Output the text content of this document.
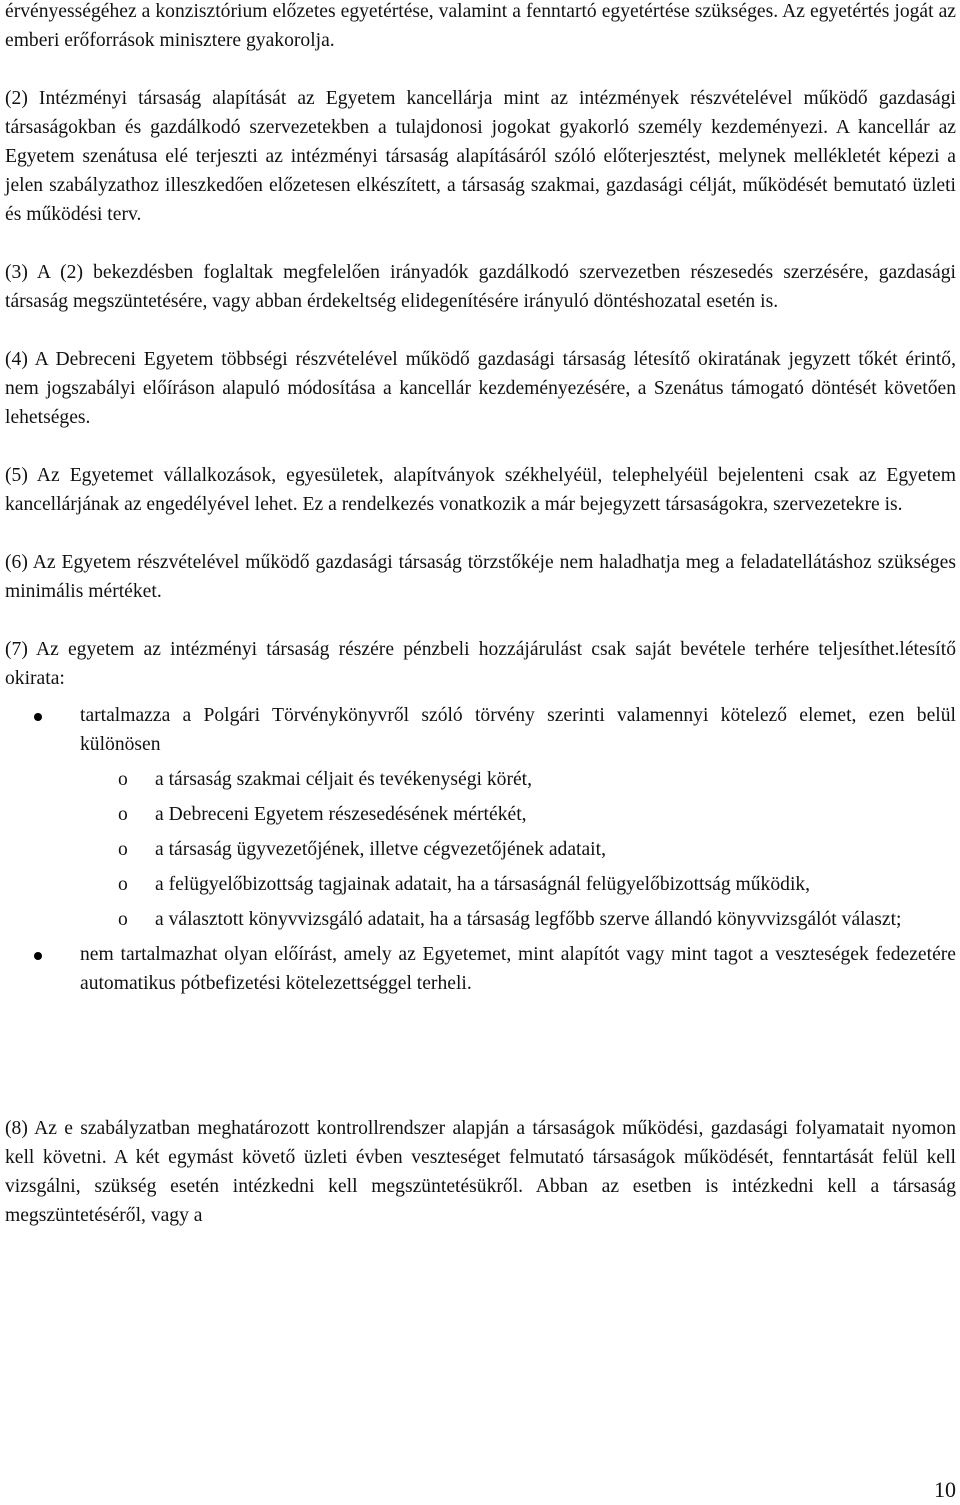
érvényességéhez a konzisztórium előzetes egyetértése, valamint a fenntartó egyetértése szükséges. Az egyetértés jogát az emberi erőforrások minisztere gyakorolja.

(2) Intézményi társaság alapítását az Egyetem kancellárja mint az intézmények részvételével működő gazdasági társaságokban és gazdálkodó szervezetekben a tulajdonosi jogokat gyakorló személy kezdeményezi. A kancellár az Egyetem szenátusa elé terjeszti az intézményi társaság alapításáról szóló előterjesztést, melynek mellékletét képezi a jelen szabályzathoz illeszkedően előzetesen elkészített, a társaság szakmai, gazdasági célját, működését bemutató üzleti és működési terv.

(3) A (2) bekezdésben foglaltak megfelelően irányadók gazdálkodó szervezetben részesedés szerzésére, gazdasági társaság megszüntetésére, vagy abban érdekeltség elidegenítésére irányuló döntéshozatal esetén is.

(4) A Debreceni Egyetem többségi részvételével működő gazdasági társaság létesítő okiratának jegyzett tőkét érintő, nem jogszabályi előíráson alapuló módosítása a kancellár kezdeményezésére, a Szenátus támogató döntését követően lehetséges.

(5) Az Egyetemet vállalkozások, egyesületek, alapítványok székhelyéül, telephelyéül bejelenteni csak az Egyetem kancellárjának az engedélyével lehet. Ez a rendelkezés vonatkozik a már bejegyzett társaságokra, szervezetekre is.

(6) Az Egyetem részvételével működő gazdasági társaság törzstőkéje nem haladhatja meg a feladatellátáshoz szükséges minimális mértéket.

(7) Az egyetem az intézményi társaság részére pénzbeli hozzájárulást csak saját bevétele terhére teljesíthet.létesítő okirata:

tartalmazza a Polgári Törvénykönyvről szóló törvény szerinti valamennyi kötelező elemet, ezen belül különösen
o	a társaság szakmai céljait és tevékenységi körét,
o	a Debreceni Egyetem részesedésének mértékét,
o	a társaság ügyvezetőjének, illetve cégvezetőjének adatait,
o	a felügyelőbizottság tagjainak adatait, ha a társaságnál felügyelőbizottság működik,
o	a választott könyvvizsgáló adatait, ha a társaság legfőbb szerve állandó könyvvizsgálót választ;
nem tartalmazhat olyan előírást, amely az Egyetemet, mint alapítót vagy mint tagot a veszteségek fedezetére automatikus pótbefizetési kötelezettséggel terheli.

(8) Az e szabályzatban meghatározott kontrollrendszer alapján a társaságok működési, gazdasági folyamatait nyomon kell követni. A két egymást követő üzleti évben veszteséget felmutató társaságok működését, fenntartását felül kell vizsgálni, szükség esetén intézkedni kell megszüntetésükről. Abban az esetben is intézkedni kell a társaság megszüntetéséről, vagy a

10
